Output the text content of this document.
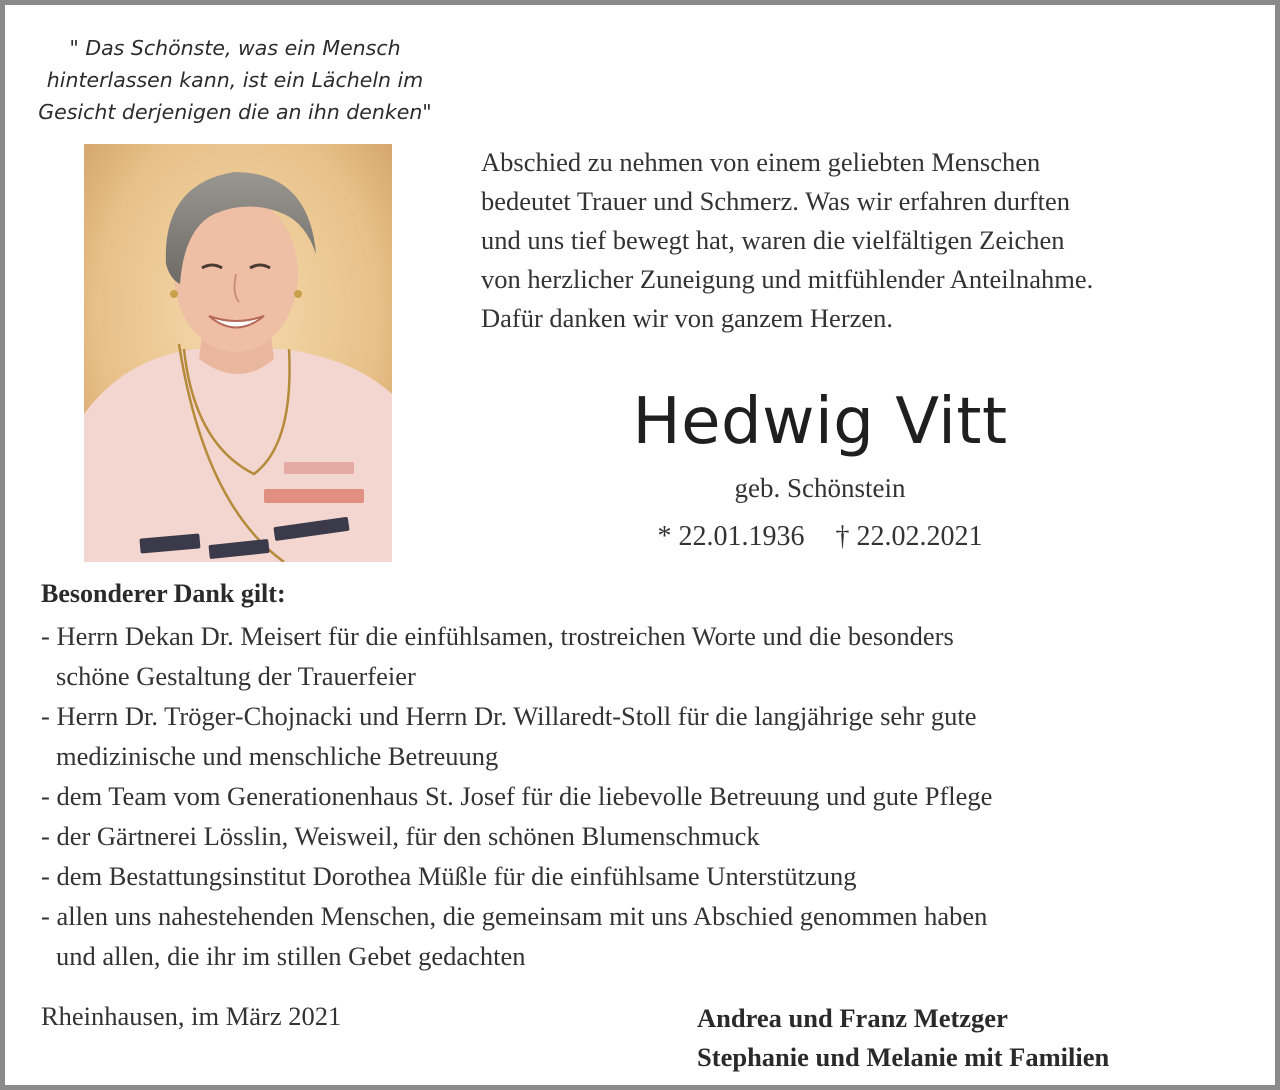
" Das Schönste, was ein Mensch
hinterlassen kann, ist ein Lächeln im
Gesicht derjenigen die an ihn denken"
Abschied zu nehmen von einem geliebten Menschen
bedeutet Trauer und Schmerz. Was wir erfahren durften
und uns tief bewegt hat, waren die vielfältigen Zeichen
von herzlicher Zuneigung und mitfühlender Anteilnahme.
Dafür danken wir von ganzem Herzen.
Hedwig Vitt
geb. Schönstein
* 22.01.1936 † 22.02.2021
Besonderer Dank gilt:
- Herrn Dekan Dr. Meisert für die einfühlsamen, trostreichen Worte und die besonders
schöne Gestaltung der Trauerfeier
- Herrn Dr. Tröger-Chojnacki und Herrn Dr. Willaredt-Stoll für die langjährige sehr gute
medizinische und menschliche Betreuung
- dem Team vom Generationenhaus St. Josef für die liebevolle Betreuung und gute Pflege
- der Gärtnerei Lösslin, Weisweil, für den schönen Blumenschmuck
- dem Bestattungsinstitut Dorothea Müßle für die einfühlsame Unterstützung
- allen uns nahestehenden Menschen, die gemeinsam mit uns Abschied genommen haben
und allen, die ihr im stillen Gebet gedachten
Rheinhausen, im März 2021	Andrea und Franz Metzger
Stephanie und Melanie mit Familien
